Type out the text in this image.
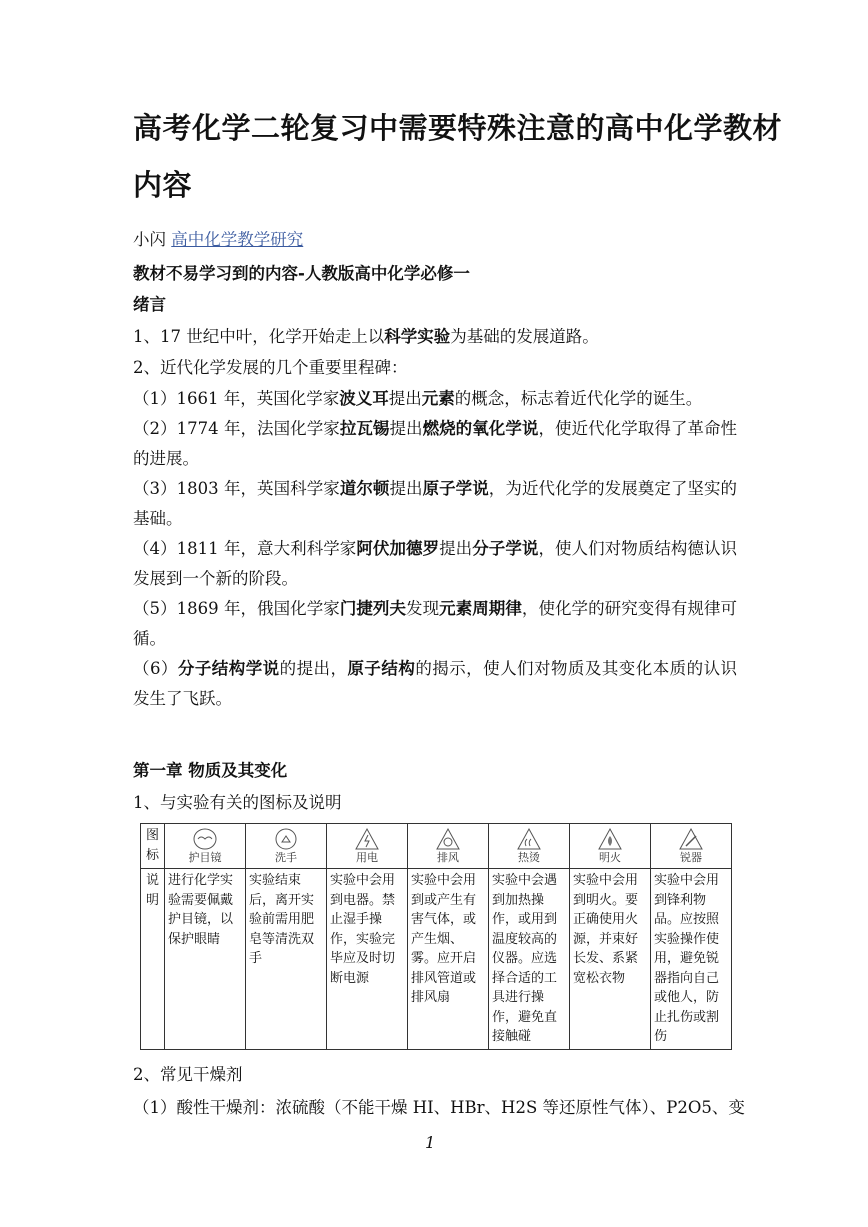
高考化学二轮复习中需要特殊注意的高中化学教材
内容
小闪 高中化学教学研究
教材不易学习到的内容-人教版高中化学必修一
绪言
1、17 世纪中叶，化学开始走上以科学实验为基础的发展道路。
2、近代化学发展的几个重要里程碑：

（1）1661 年，英国化学家波义耳提出元素的概念，标志着近代化学的诞生。

（2）1774 年，法国化学家拉瓦锡提出燃烧的氧化学说，使近代化学取得了革命性的进展。

（3）1803 年，英国科学家道尔顿提出原子学说，为近代化学的发展奠定了坚实的基础。

（4）1811 年，意大利科学家阿伏加德罗提出分子学说，使人们对物质结构德认识发展到一个新的阶段。

（5）1869 年，俄国化学家门捷列夫发现元素周期律，使化学的研究变得有规律可循。

（6）分子结构学说的提出，原子结构的揭示，使人们对物质及其变化本质的认识发生了飞跃。

第一章 物质及其变化
1、与实验有关的图标及说明
图标	护目镜	洗手	用电	排风	热烫	明火	锐器

说明	进行化学实验需要佩戴护目镜，以保护眼睛	实验结束后，离开实验前需用肥皂等清洗双手	实验中会用到电器。禁止湿手操作，实验完毕应及时切断电源	实验中会用到或产生有害气体，或产生烟、雾。应开启排风管道或排风扇	实验中会遇到加热操作，或用到温度较高的仪器。应选择合适的工具进行操作，避免直接触碰	实验中会用到明火。要正确使用火源，并束好长发、系紧宽松衣物	实验中会用到锋利物品。应按照实验操作使用，避免锐器指向自己或他人，防止扎伤或割伤
2、常见干燥剂
（1）酸性干燥剂：浓硫酸（不能干燥 HI、HBr、H2S 等还原性气体）、P2O5、变
1
